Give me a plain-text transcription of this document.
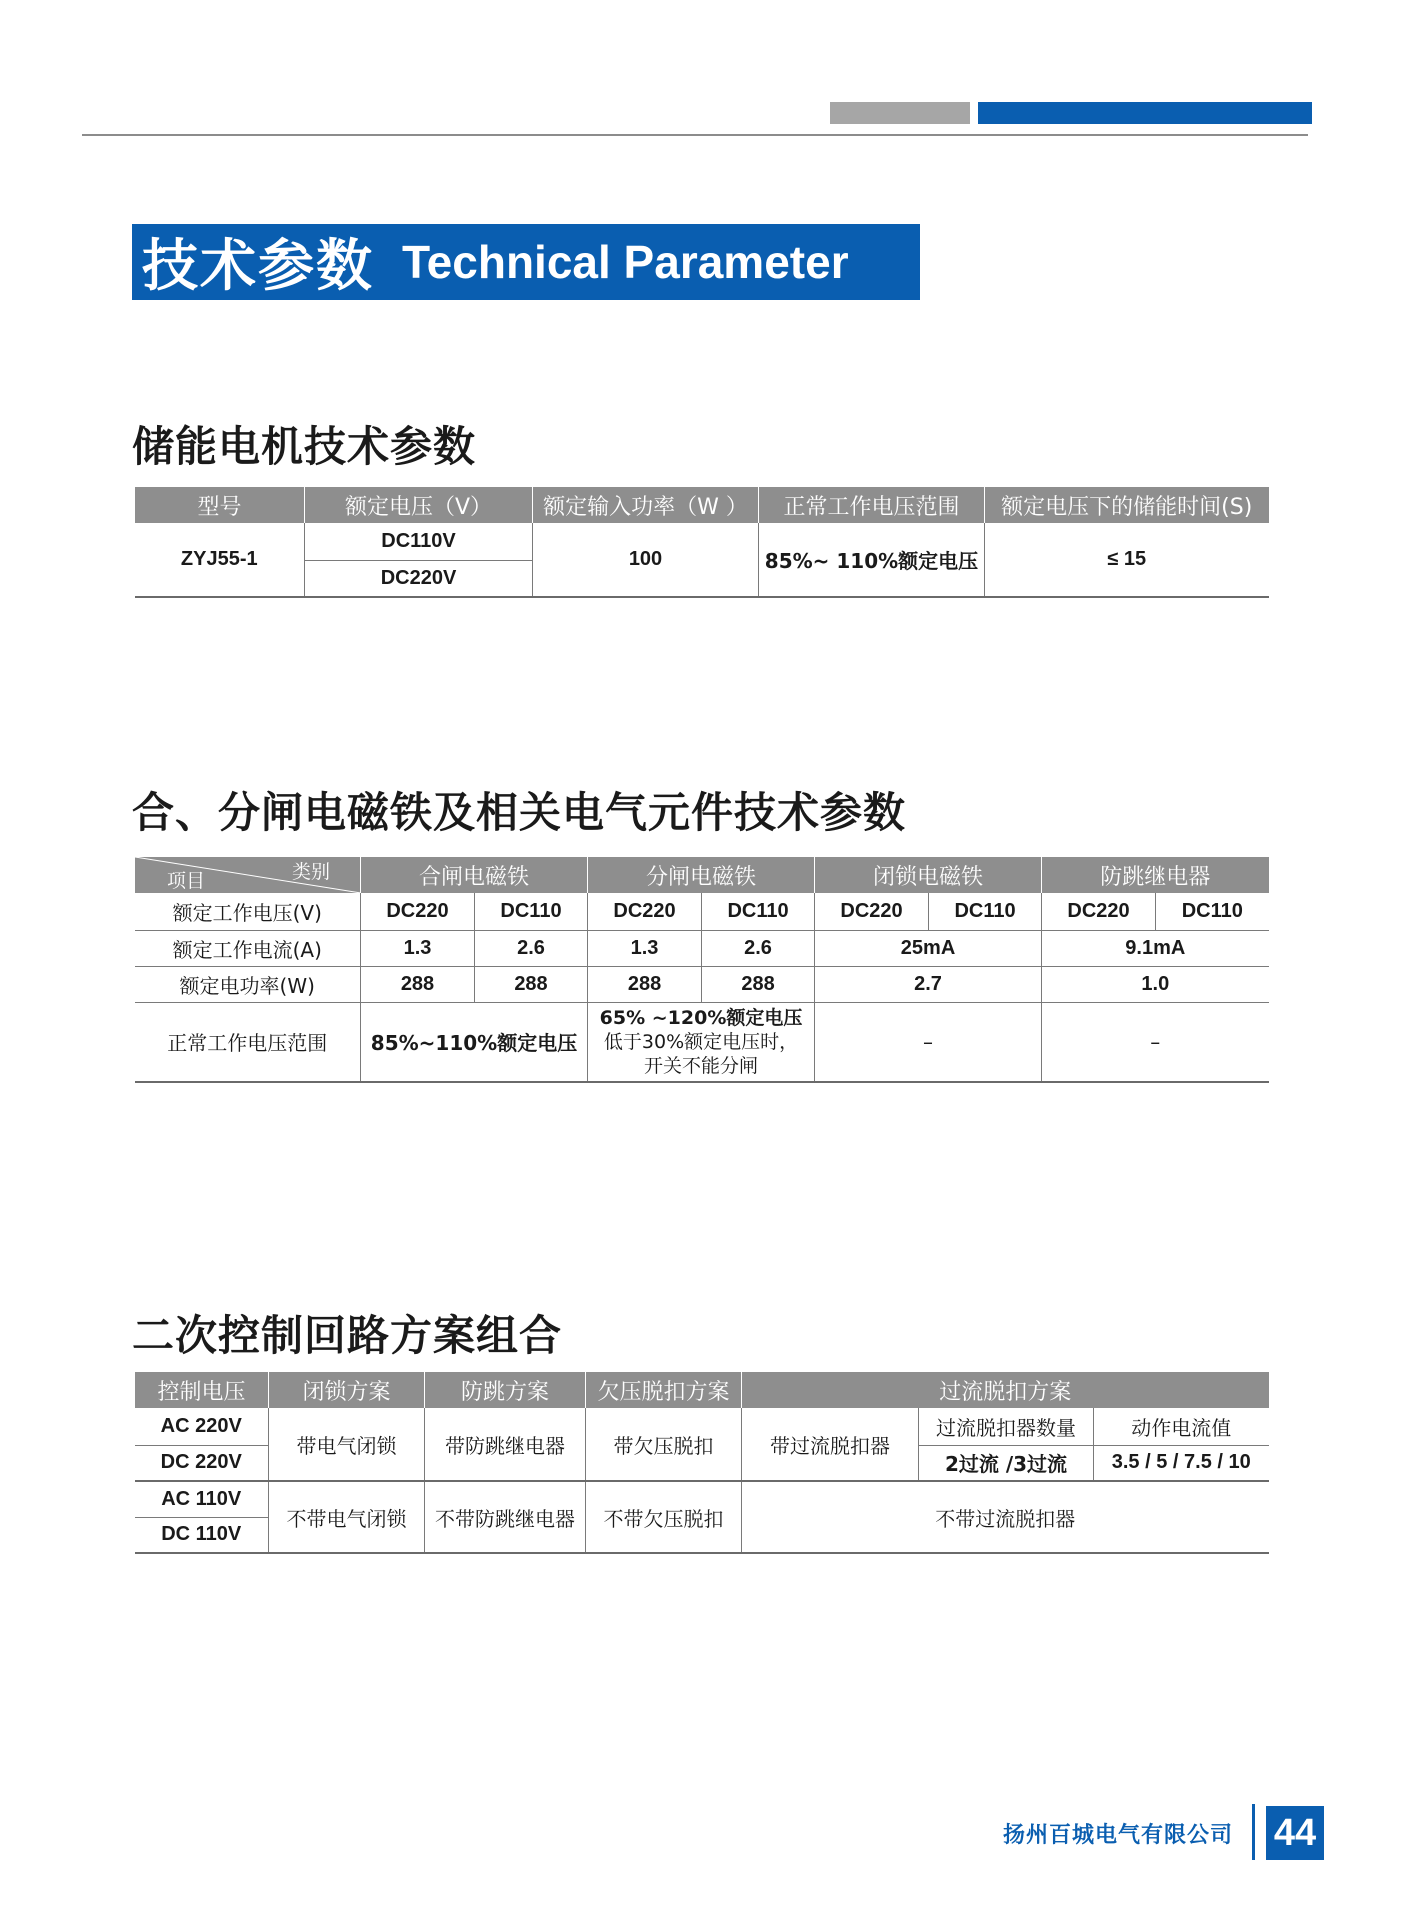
技术参数 Technical Parameter
储能电机技术参数
型号	额定电压（V）	额定输入功率（W ）	正常工作电压范围	额定电压下的储能时间(S)
ZYJ55-1	DC110V	100	85%~ 110%额定电压	≤ 15
	DC220V			
合、分闸电磁铁及相关电气元件技术参数
项目 类别	合闸电磁铁		分闸电磁铁		闭锁电磁铁		防跳继电器	
额定工作电压(V)	DC220	DC110	DC220	DC110	DC220	DC110	DC220	DC110
额定工作电流(A)	1.3	2.6	1.3	2.6	25mA		9.1mA	
额定电功率(W)	288	288	288	288	2.7		1.0	
正常工作电压范围	85%~110%额定电压		65% ~120%额定电压
低于30%额定电压时，
开关不能分闸		–		–	
二次控制回路方案组合
控制电压	闭锁方案	防跳方案	欠压脱扣方案	过流脱扣方案		
AC 220V	带电气闭锁	带防跳继电器	带欠压脱扣	带过流脱扣器	过流脱扣器数量	动作电流值
DC 220V					2过流 /3过流	3.5 / 5 / 7.5 / 10
AC 110V	不带电气闭锁	不带防跳继电器	不带欠压脱扣	不带过流脱扣器		
DC 110V						
扬州百城电气有限公司 44
